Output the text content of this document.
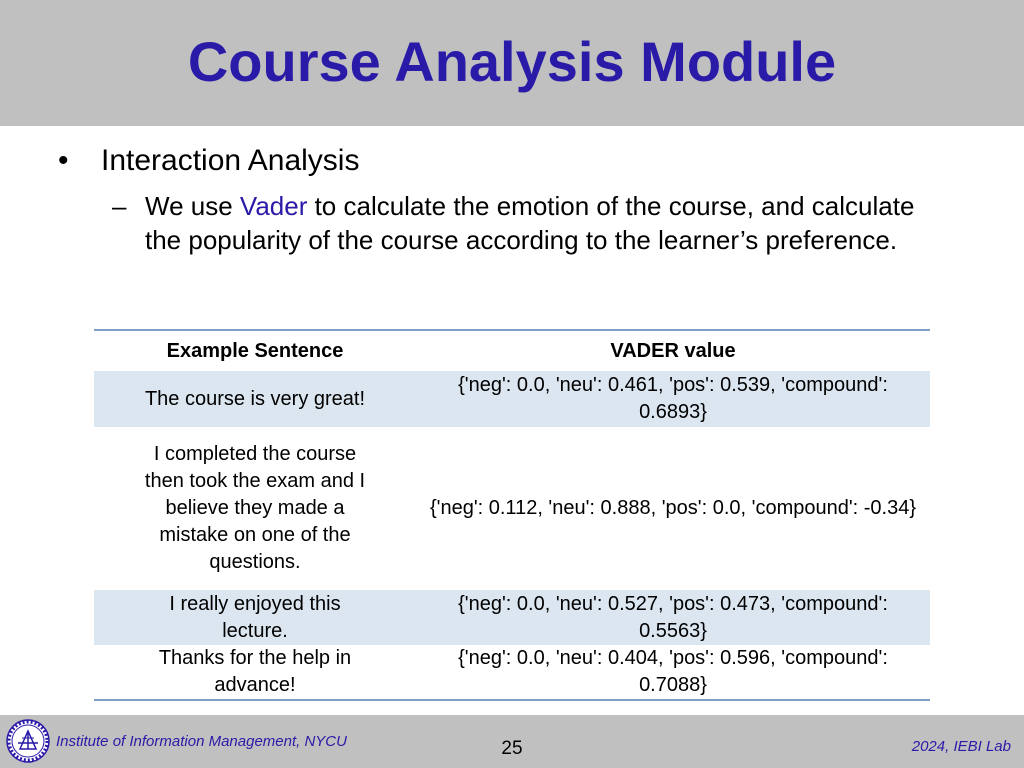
Course Analysis Module
• Interaction Analysis
– We use Vader to calculate the emotion of the course, and calculate the popularity of the course according to the learner’s preference.
Example Sentence	VADER value

The course is very great!	{'neg': 0.0, 'neu': 0.461, 'pos': 0.539, 'compound': 0.6893}

I completed the course then took the exam and I believe they made a mistake on one of the questions.	{'neg': 0.112, 'neu': 0.888, 'pos': 0.0, 'compound': -0.34}

I really enjoyed this lecture.	{'neg': 0.0, 'neu': 0.527, 'pos': 0.473, 'compound': 0.5563}

Thanks for the help in advance!	{'neg': 0.0, 'neu': 0.404, 'pos': 0.596, 'compound': 0.7088}
Institute of Information Management, NYCU	25	2024, IEBI Lab
